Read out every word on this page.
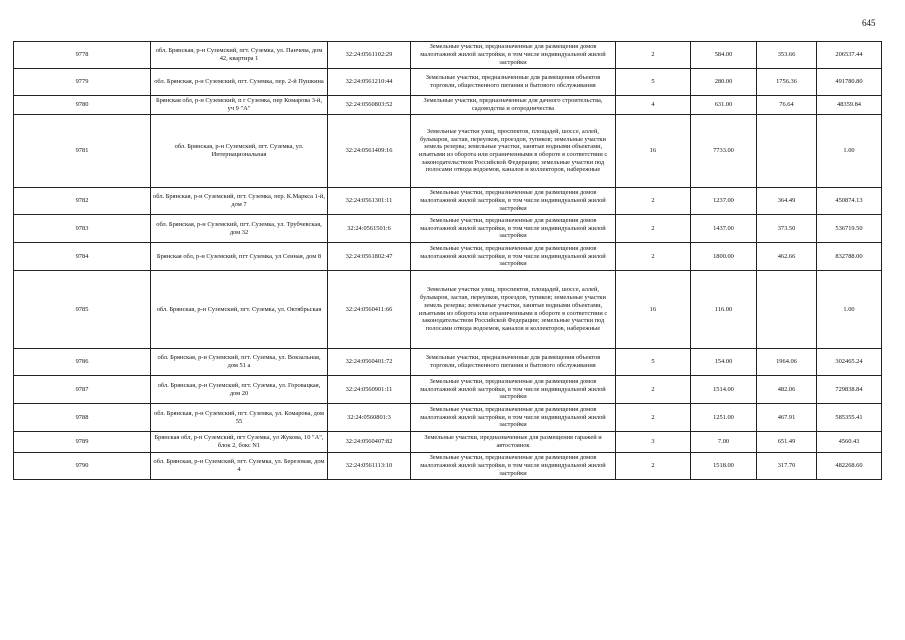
645
9778	обл. Брянская, р-н Суземский, пгт. Суземка, ул. Панчева, дом 42, квартира 1	32:24:0561102:29	Земельные участки, предназначенные для размещения домов малоэтажной жилой застройки, в том числе индивидуальной жилой застройки	2	584.00	353.66	206537.44
9779	обл. Брянская, р-н Суземский, пгт. Суземка, пер. 2-й Пушкина	32:24:0561210:44	Земельные участки, предназначенные для размещения объектов торговли, общественного питания и бытового обслуживания	5	280.00	1756.36	491780.80
9780	Брянская обл, р-н Суземский, п г Суземка, пер Комарова 3-й, уч 9 "А"	32:24:0560803:52	Земельные участки, предназначенные для дачного строительства, садоводства и огородничества	4	631.00	76.64	48359.84
9781	обл. Брянская, р-н Суземский, пгт. Суземка, ул. Интернациональная	32:24:0561409:16	Земельные участки улиц, проспектов, площадей, шоссе, аллей, бульваров, застав, переулков, проездов, тупиков; земельные участки земель резерва; земельные участки, занятые водными объектами, изъятыми из оборота или ограниченными в обороте в соответствии с законодательством Российской Федерации; земельные участки под полосами отвода водоемов, каналов и коллекторов, набережные	16	7733.00		1.00
9782	обл. Брянская, р-н Суземский, пгт. Суземка, пер. К.Маркса 1-й, дом 7	32:24:0561301:11	Земельные участки, предназначенные для размещения домов малоэтажной жилой застройки, в том числе индивидуальной жилой застройки	2	1237.00	364.49	450874.13
9783	обл. Брянская, р-н Суземский, пгт. Суземка, ул. Трубчевская, дом 32	32:24:0561501:6	Земельные участки, предназначенные для размещения домов малоэтажной жилой застройки, в том числе индивидуальной жилой застройки	2	1437.00	373.50	536719.50
9784	Брянская обл, р-н Суземский, пгт Суземка, ул Сенная, дом 8	32:24:0561802:47	Земельные участки, предназначенные для размещения домов малоэтажной жилой застройки, в том числе индивидуальной жилой застройки	2	1800.00	462.66	832788.00
9785	обл. Брянская, р-н Суземский, пгт. Суземка, ул. Октябрьская	32:24:0560411:66	Земельные участки улиц, проспектов, площадей, шоссе, аллей, бульваров, застав, переулков, проездов, тупиков; земельные участки земель резерва; земельные участки, занятые водными объектами, изъятыми из оборота или ограниченными в обороте в соответствии с законодательством Российской Федерации; земельные участки под полосами отвода водоемов, каналов и коллекторов, набережные	16	116.00		1.00
9786	обл. Брянская, р-н Суземский, пгт. Суземка, ул. Вокзальная, дом 51 а	32:24:0560401:72	Земельные участки, предназначенные для размещения объектов торговли, общественного питания и бытового обслуживания	5	154.00	1964.06	302465.24
9787	обл. Брянская, р-н Суземский, пгт. Суземка, ул. Горовацкая, дом 20	32:24:0560901:11	Земельные участки, предназначенные для размещения домов малоэтажной жилой застройки, в том числе индивидуальной жилой застройки	2	1514.00	482.06	729838.84
9788	обл. Брянская, р-н Суземский, пгт. Суземка, ул. Комарова, дом 55	32:24:0560801:3	Земельные участки, предназначенные для размещения домов малоэтажной жилой застройки, в том числе индивидуальной жилой застройки	2	1251.00	467.91	585355.41
9789	Брянская обл, р-н Суземский, пгт Суземка, ул Жукова, 10 "А", блок 2, бокс N1	32:24:0560407:82	Земельные участки, предназначенные для размещения гаражей и автостоянок	3	7.00	651.49	4560.43
9790	обл. Брянская, р-н Суземский, пгт. Суземка, ул. Березовая, дом 4	32:24:0561113:10	Земельные участки, предназначенные для размещения домов малоэтажной жилой застройки, в том числе индивидуальной жилой застройки	2	1518.00	317.70	482268.60
